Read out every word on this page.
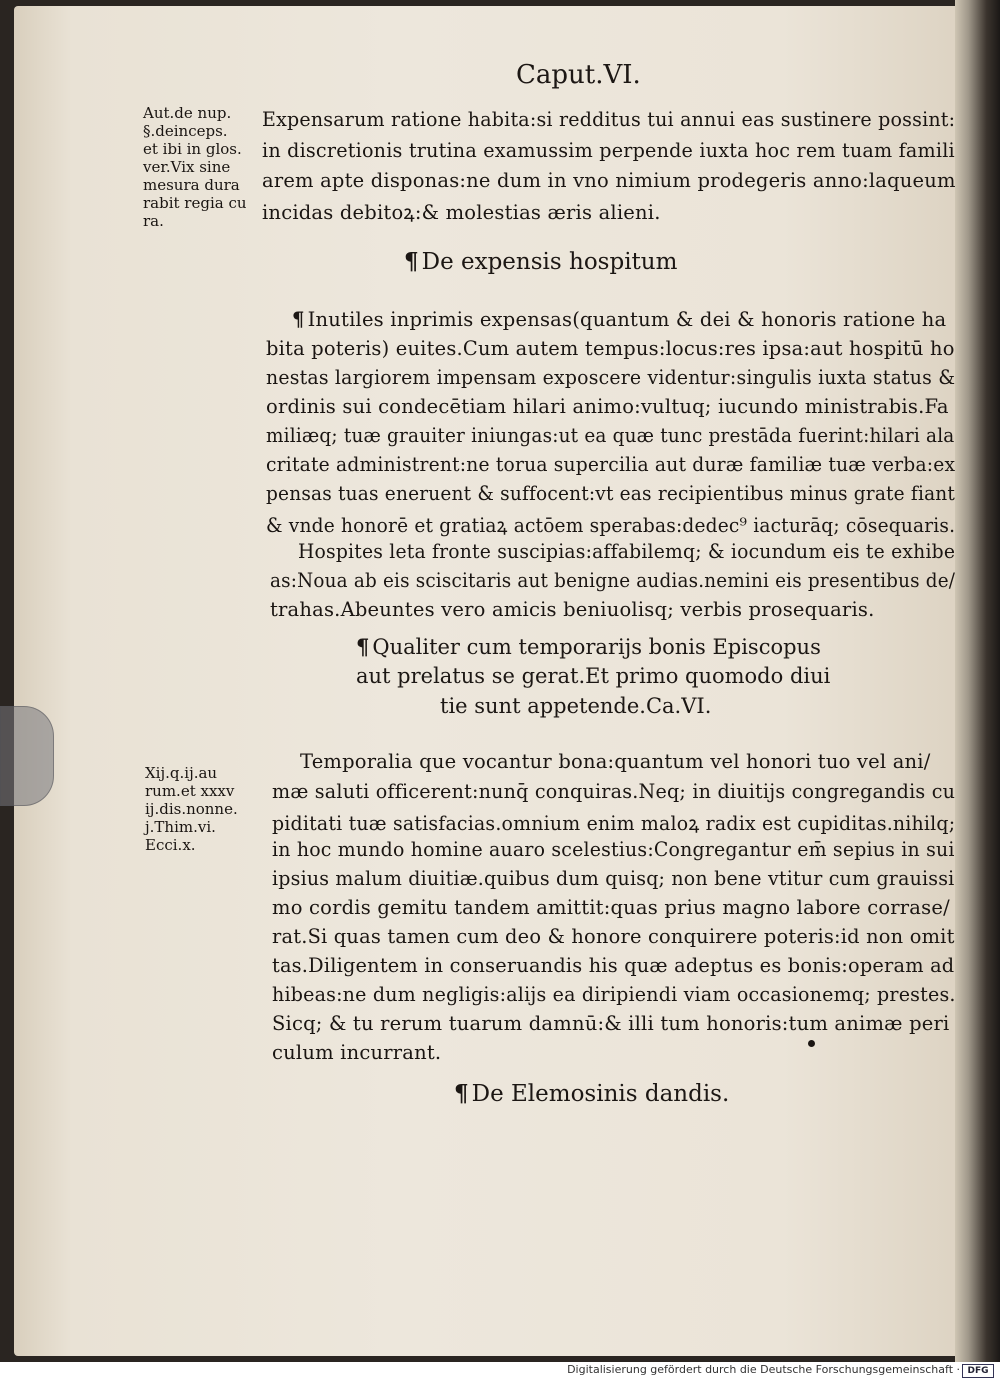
Caput.VI.
Aut.de nup.
§.deinceps.
et ibi in glos.
ver.Vix sine
mesura dura
rabit regia cu
ra.
Expensarum ratione habita:si redditus tui annui eas sustinere possint:
in discretionis trutina examussim perpende iuxta hoc rem tuam famili
arem apte disponas:ne dum in vno nimium prodegeris anno:laqueum
incidas debitoꝝ:& molestias æris alieni.
¶ De expensis hospitum
¶ Inutiles inprimis expensas(quantum & dei & honoris ratione ha
bita poteris) euites.Cum autem tempus:locus:res ipsa:aut hospitū ho
nestas largiorem impensam exposcere videntur:singulis iuxta status &
ordinis sui condecētiam hilari animo:vultuq; iucundo ministrabis.Fa
miliæq; tuæ grauiter iniungas:ut ea quæ tunc prestāda fuerint:hilari ala
critate administrent:ne torua supercilia aut duræ familiæ tuæ verba:ex
pensas tuas eneruent & suffocent:vt eas recipientibus minus grate fiant
& vnde honorē et gratiaꝝ actōem sperabas:dedec⁹ iacturāq; cōsequaris.
Hospites leta fronte suscipias:affabilemq; & iocundum eis te exhibe
as:Noua ab eis sciscitaris aut benigne audias.nemini eis presentibus de/
trahas.Abeuntes vero amicis beniuolisq; verbis prosequaris.
¶ Qualiter cum temporarijs bonis Episcopus
aut prelatus se gerat.Et primo quomodo diui
tie sunt appetende.Ca.VI.
Xij.q.ij.au
rum.et xxxv
ij.dis.nonne.
j.Thim.vi.
Ecci.x.
Temporalia que vocantur bona:quantum vel honori tuo vel ani/
mæ saluti officerent:nunq̄ conquiras.Neq; in diuitijs congregandis cu
piditati tuæ satisfacias.omnium enim maloꝝ radix est cupiditas.nihilq;
in hoc mundo homine auaro scelestius:Congregantur em̄ sepius in sui
ipsius malum diuitiæ.quibus dum quisq; non bene vtitur cum grauissi
mo cordis gemitu tandem amittit:quas prius magno labore corrase/
rat.Si quas tamen cum deo & honore conquirere poteris:id non omit
tas.Diligentem in conseruandis his quæ adeptus es bonis:operam ad
hibeas:ne dum negligis:alijs ea diripiendi viam occasionemq; prestes.
Sicq; & tu rerum tuarum damnū:& illi tum honoris:tum animæ peri
culum incurrant.
¶ De Elemosinis dandis.
Digitalisierung gefördert durch die Deutsche Forschungsgemeinschaft · DFG
